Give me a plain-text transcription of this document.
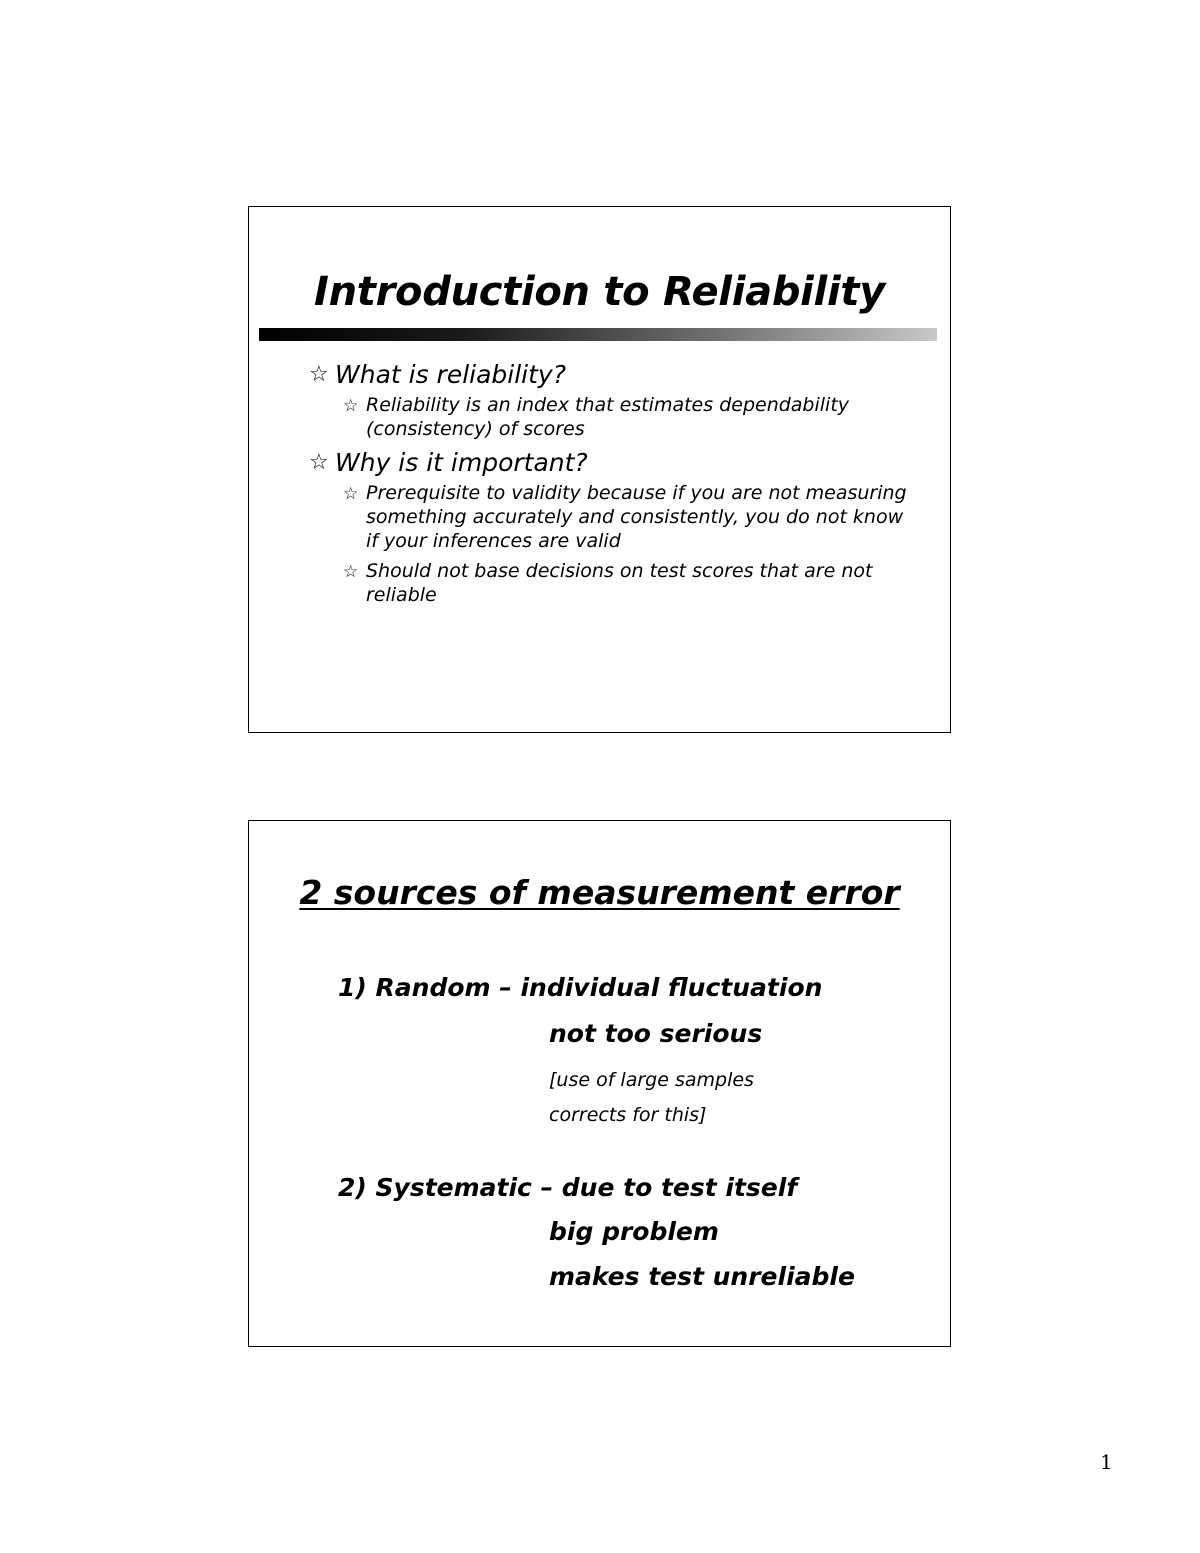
Introduction to Reliability
☆ What is reliability?
☆ Reliability is an index that estimates dependability (consistency) of scores
☆ Why is it important?
☆ Prerequisite to validity because if you are not measuring something accurately and consistently, you do not know if your inferences are valid
☆ Should not base decisions on test scores that are not reliable
2 sources of measurement error
1) Random – individual fluctuation
not too serious
[use of large samples
corrects for this]
2) Systematic – due to test itself
big problem
makes test unreliable
1
